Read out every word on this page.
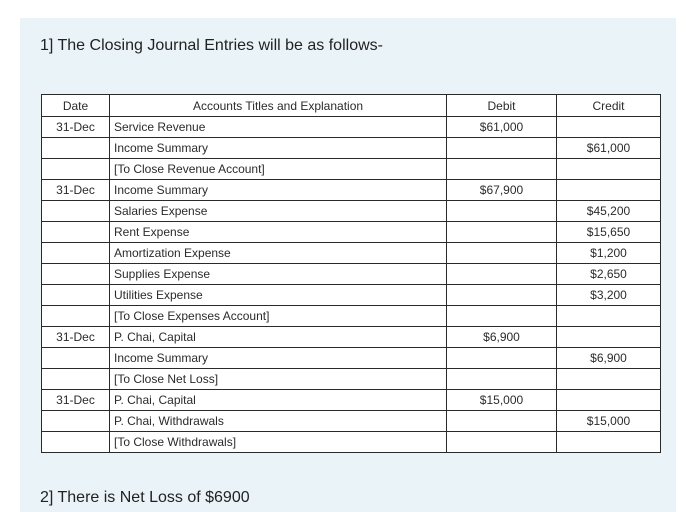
1] The Closing Journal Entries will be as follows-
Date	Accounts Titles and Explanation	Debit	Credit
31-Dec	Service Revenue	$61,000	
	Income Summary		$61,000
	[To Close Revenue Account]		
31-Dec	Income Summary	$67,900	
	Salaries Expense		$45,200
	Rent Expense		$15,650
	Amortization Expense		$1,200
	Supplies Expense		$2,650
	Utilities Expense		$3,200
	[To Close Expenses Account]		
31-Dec	P. Chai, Capital	$6,900	
	Income Summary		$6,900
	[To Close Net Loss]		
31-Dec	P. Chai, Capital	$15,000	
	P. Chai, Withdrawals		$15,000
	[To Close Withdrawals]		
2] There is Net Loss of $6900
